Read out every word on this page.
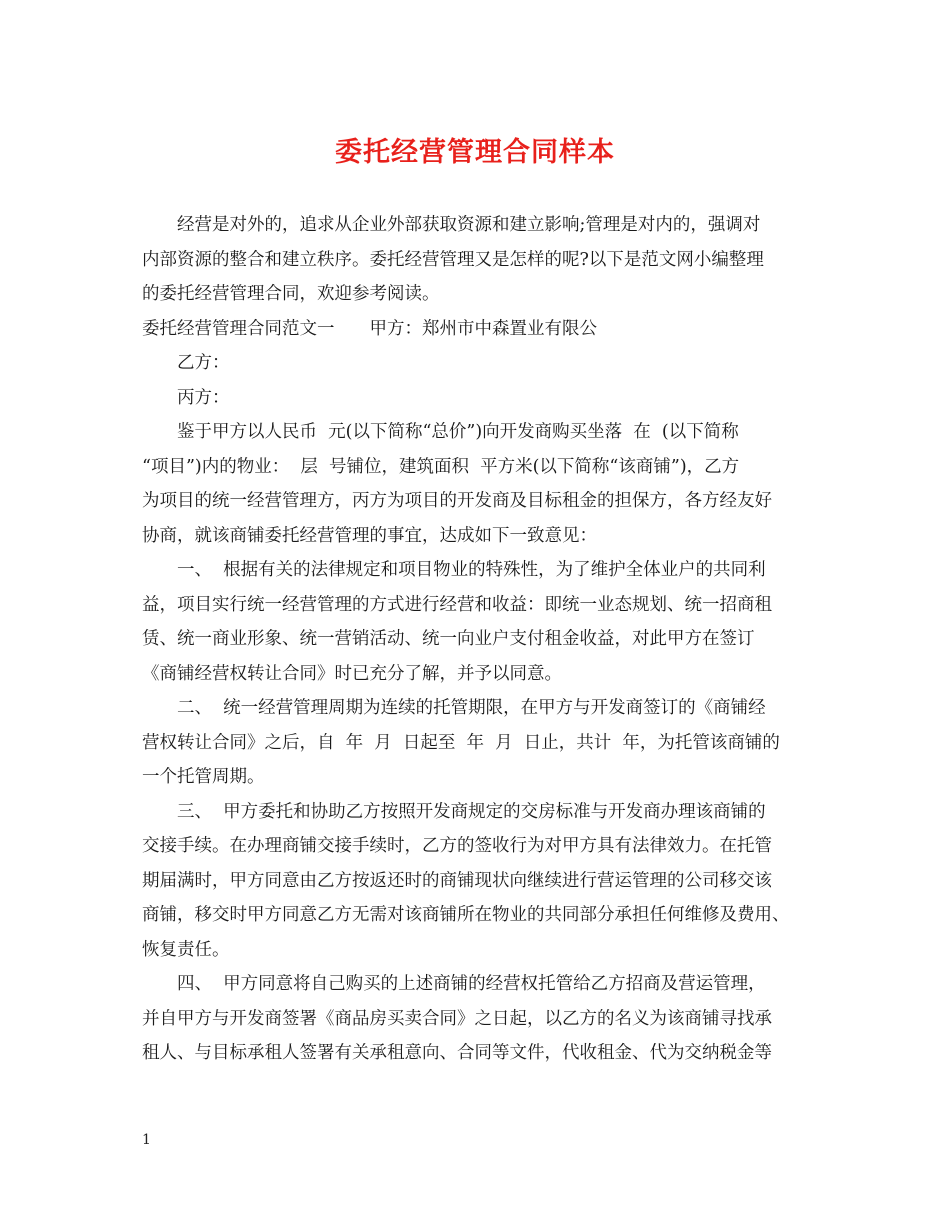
委托经营管理合同样本
　　经营是对外的，追求从企业外部获取资源和建立影响;管理是对内的，强调对
内部资源的整合和建立秩序。委托经营管理又是怎样的呢?以下是范文网小编整理
的委托经营管理合同，欢迎参考阅读。
委托经营管理合同范文一　　甲方：郑州市中森置业有限公
　　乙方：
　　丙方：
　　鉴于甲方以人民币  元(以下简称“总价”)向开发商购买坐落  在  (以下简称
“项目”)内的物业：  层  号铺位，建筑面积  平方米(以下简称“该商铺”)，乙方
为项目的统一经营管理方，丙方为项目的开发商及目标租金的担保方，各方经友好
协商，就该商铺委托经营管理的事宜，达成如下一致意见：
　　一、  根据有关的法律规定和项目物业的特殊性，为了维护全体业户的共同利
益，项目实行统一经营管理的方式进行经营和收益：即统一业态规划、统一招商租
赁、统一商业形象、统一营销活动、统一向业户支付租金收益，对此甲方在签订
《商铺经营权转让合同》时已充分了解，并予以同意。
　　二、  统一经营管理周期为连续的托管期限，在甲方与开发商签订的《商铺经
营权转让合同》之后，自  年  月  日起至  年  月  日止，共计  年，为托管该商铺的
一个托管周期。
　　三、  甲方委托和协助乙方按照开发商规定的交房标准与开发商办理该商铺的
交接手续。在办理商铺交接手续时，乙方的签收行为对甲方具有法律效力。在托管
期届满时，甲方同意由乙方按返还时的商铺现状向继续进行营运管理的公司移交该
商铺，移交时甲方同意乙方无需对该商铺所在物业的共同部分承担任何维修及费用、
恢复责任。
　　四、  甲方同意将自己购买的上述商铺的经营权托管给乙方招商及营运管理，
并自甲方与开发商签署《商品房买卖合同》之日起，以乙方的名义为该商铺寻找承
租人、与目标承租人签署有关承租意向、合同等文件，代收租金、代为交纳税金等
1
